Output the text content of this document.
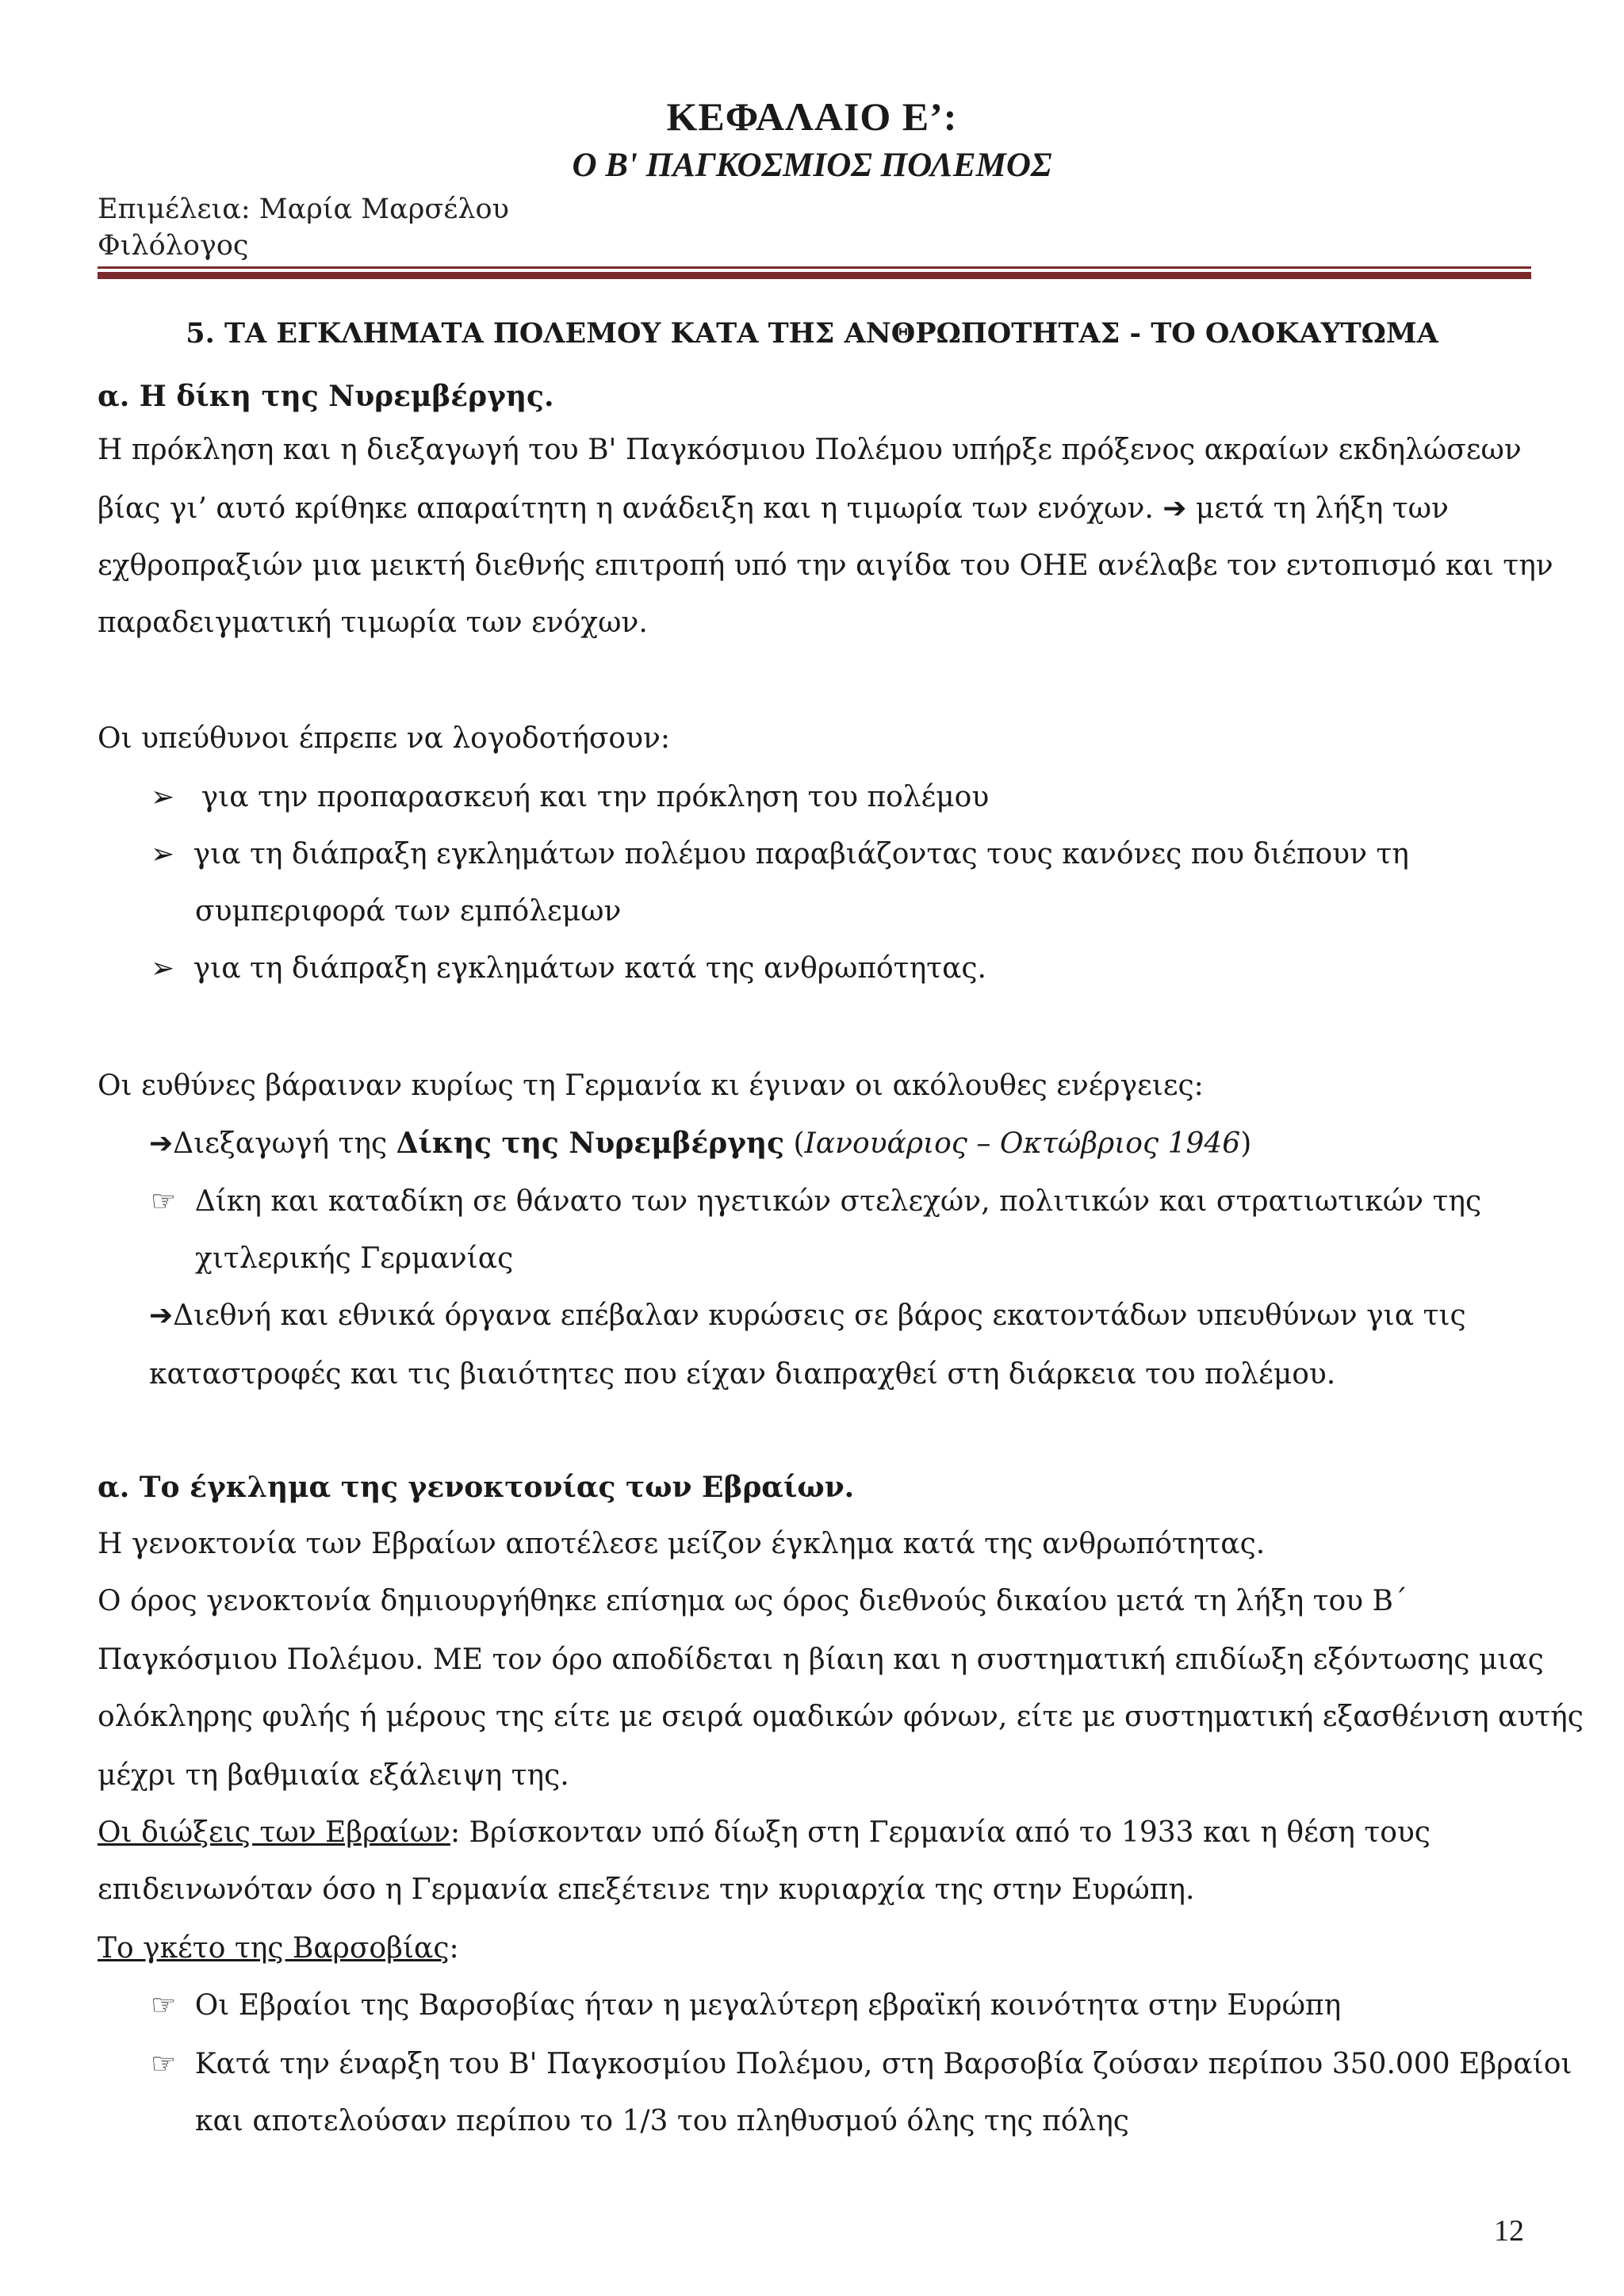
ΚΕΦΑΛΑΙΟ Ε’:
Ο Β' ΠΑΓΚΟΣΜΙΟΣ ΠΟΛΕΜΟΣ
Επιμέλεια: Μαρία Μαρσέλου
Φιλόλογος
5. ΤΑ ΕΓΚΛΗΜΑΤΑ ΠΟΛΕΜΟΥ ΚΑΤΑ ΤΗΣ ΑΝΘΡΩΠΟΤΗΤΑΣ - ΤΟ ΟΛΟΚΑΥΤΩΜΑ
α. Η δίκη της Νυρεμβέργης.
Η πρόκληση και η διεξαγωγή του Β' Παγκόσμιου Πολέμου υπήρξε πρόξενος ακραίων εκδηλώσεων
βίας γι’ αυτό κρίθηκε απαραίτητη η ανάδειξη και η τιμωρία των ενόχων. ➔ μετά τη λήξη των
εχθροπραξιών μια μεικτή διεθνής επιτροπή υπό την αιγίδα του ΟΗΕ ανέλαβε τον εντοπισμό και την
παραδειγματική τιμωρία των ενόχων.
Οι υπεύθυνοι έπρεπε να λογοδοτήσουν:
➢ για την προπαρασκευή και την πρόκληση του πολέμου
➢ για τη διάπραξη εγκλημάτων πολέμου παραβιάζοντας τους κανόνες που διέπουν τη
συμπεριφορά των εμπόλεμων
➢ για τη διάπραξη εγκλημάτων κατά της ανθρωπότητας.
Οι ευθύνες βάραιναν κυρίως τη Γερμανία κι έγιναν οι ακόλουθες ενέργειες:
➔Διεξαγωγή της Δίκης της Νυρεμβέργης (Ιανουάριος – Οκτώβριος 1946)
☞ Δίκη και καταδίκη σε θάνατο των ηγετικών στελεχών, πολιτικών και στρατιωτικών της
χιτλερικής Γερμανίας
➔Διεθνή και εθνικά όργανα επέβαλαν κυρώσεις σε βάρος εκατοντάδων υπευθύνων για τις
καταστροφές και τις βιαιότητες που είχαν διαπραχθεί στη διάρκεια του πολέμου.
α. Το έγκλημα της γενοκτονίας των Εβραίων.
Η γενοκτονία των Εβραίων αποτέλεσε μείζον έγκλημα κατά της ανθρωπότητας.
Ο όρος γενοκτονία δημιουργήθηκε επίσημα ως όρος διεθνούς δικαίου μετά τη λήξη του Β΄
Παγκόσμιου Πολέμου. ΜΕ τον όρο αποδίδεται η βίαιη και η συστηματική επιδίωξη εξόντωσης μιας
ολόκληρης φυλής ή μέρους της είτε με σειρά ομαδικών φόνων, είτε με συστηματική εξασθένιση αυτής
μέχρι τη βαθμιαία εξάλειψη της.
Οι διώξεις των Εβραίων: Βρίσκονταν υπό δίωξη στη Γερμανία από το 1933 και η θέση τους
επιδεινωνόταν όσο η Γερμανία επεξέτεινε την κυριαρχία της στην Ευρώπη.
Το γκέτο της Βαρσοβίας:
☞ Οι Εβραίοι της Βαρσοβίας ήταν η μεγαλύτερη εβραϊκή κοινότητα στην Ευρώπη
☞ Κατά την έναρξη του Β' Παγκοσμίου Πολέμου, στη Βαρσοβία ζούσαν περίπου 350.000 Εβραίοι
και αποτελούσαν περίπου το 1/3 του πληθυσμού όλης της πόλης
12
